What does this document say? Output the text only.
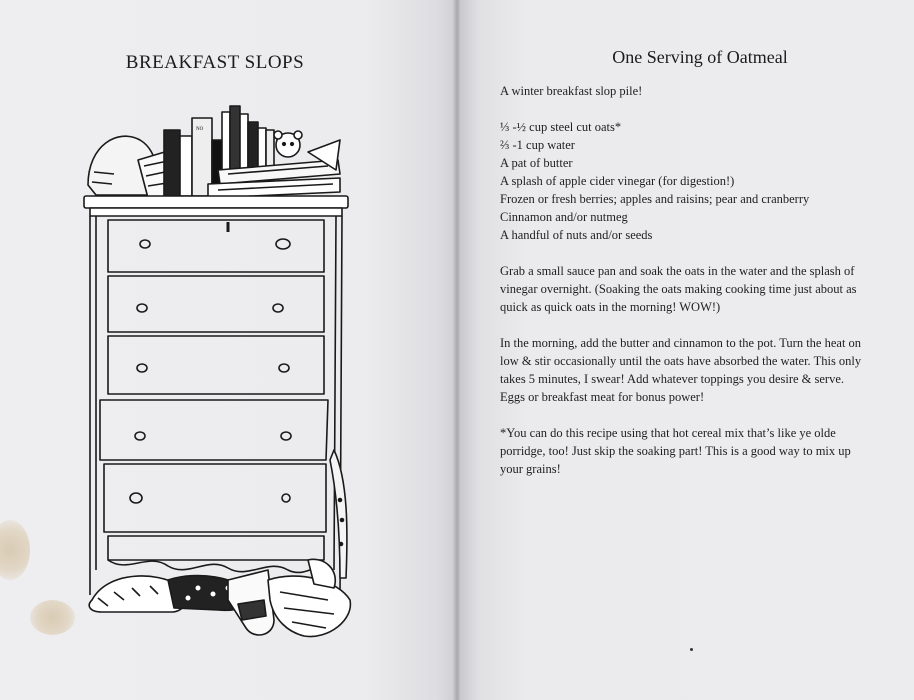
BREAKFAST SLOPS
NO
One Serving of Oatmeal

A winter breakfast slop pile!

⅓ -½ cup steel cut oats*

⅔ -1 cup water

A pat of butter

A splash of apple cider vinegar (for digestion!)

Frozen or fresh berries; apples and raisins; pear and cranberry

Cinnamon and/or nutmeg

A handful of nuts and/or seeds

Grab a small sauce pan and soak the oats in the water and the splash of vinegar overnight. (Soaking the oats making cooking time just about as quick as quick oats in the morning! WOW!)

In the morning, add the butter and cinnamon to the pot. Turn the heat on low & stir occasionally until the oats have absorbed the water. This only takes 5 minutes, I swear! Add whatever toppings you desire & serve. Eggs or breakfast meat for bonus power!

*You can do this recipe using that hot cereal mix that’s like ye olde porridge, too! Just skip the soaking part! This is a good way to mix up your grains!
